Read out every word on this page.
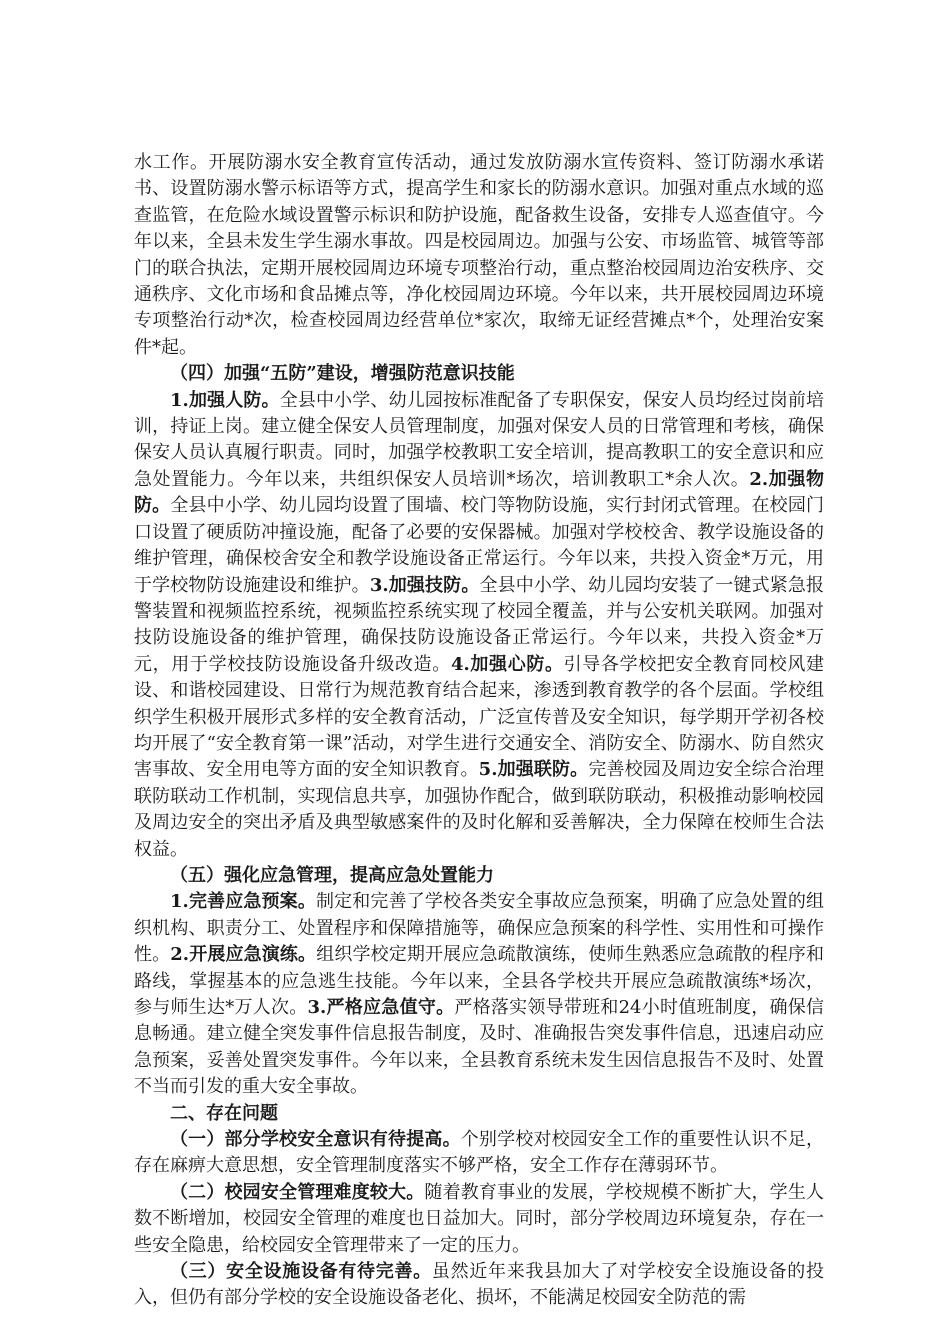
水工作。开展防溺水安全教育宣传活动，通过发放防溺水宣传资料、签订防溺水承诺书、设置防溺水警示标语等方式，提高学生和家长的防溺水意识。加强对重点水域的巡查监管，在危险水域设置警示标识和防护设施，配备救生设备，安排专人巡查值守。今年以来，全县未发生学生溺水事故。四是校园周边。加强与公安、市场监管、城管等部门的联合执法，定期开展校园周边环境专项整治行动，重点整治校园周边治安秩序、交通秩序、文化市场和食品摊点等，净化校园周边环境。今年以来，共开展校园周边环境专项整治行动*次，检查校园周边经营单位*家次，取缔无证经营摊点*个，处理治安案件*起。

（四）加强“五防”建设，增强防范意识技能

1.加强人防。全县中小学、幼儿园按标准配备了专职保安，保安人员均经过岗前培训，持证上岗。建立健全保安人员管理制度，加强对保安人员的日常管理和考核，确保保安人员认真履行职责。同时，加强学校教职工安全培训，提高教职工的安全意识和应急处置能力。今年以来，共组织保安人员培训*场次，培训教职工*余人次。2.加强物防。全县中小学、幼儿园均设置了围墙、校门等物防设施，实行封闭式管理。在校园门口设置了硬质防冲撞设施，配备了必要的安保器械。加强对学校校舍、教学设施设备的维护管理，确保校舍安全和教学设施设备正常运行。今年以来，共投入资金*万元，用于学校物防设施建设和维护。3.加强技防。全县中小学、幼儿园均安装了一键式紧急报警装置和视频监控系统，视频监控系统实现了校园全覆盖，并与公安机关联网。加强对技防设施设备的维护管理，确保技防设施设备正常运行。今年以来，共投入资金*万元，用于学校技防设施设备升级改造。4.加强心防。引导各学校把安全教育同校风建设、和谐校园建设、日常行为规范教育结合起来，渗透到教育教学的各个层面。学校组织学生积极开展形式多样的安全教育活动，广泛宣传普及安全知识，每学期开学初各校均开展了“安全教育第一课”活动，对学生进行交通安全、消防安全、防溺水、防自然灾害事故、安全用电等方面的安全知识教育。5.加强联防。完善校园及周边安全综合治理联防联动工作机制，实现信息共享，加强协作配合，做到联防联动，积极推动影响校园及周边安全的突出矛盾及典型敏感案件的及时化解和妥善解决，全力保障在校师生合法权益。

（五）强化应急管理，提高应急处置能力

1.完善应急预案。制定和完善了学校各类安全事故应急预案，明确了应急处置的组织机构、职责分工、处置程序和保障措施等，确保应急预案的科学性、实用性和可操作性。2.开展应急演练。组织学校定期开展应急疏散演练，使师生熟悉应急疏散的程序和路线，掌握基本的应急逃生技能。今年以来，全县各学校共开展应急疏散演练*场次，参与师生达*万人次。3.严格应急值守。严格落实领导带班和24小时值班制度，确保信息畅通。建立健全突发事件信息报告制度，及时、准确报告突发事件信息，迅速启动应急预案，妥善处置突发事件。今年以来，全县教育系统未发生因信息报告不及时、处置不当而引发的重大安全事故。

二、存在问题

（一）部分学校安全意识有待提高。个别学校对校园安全工作的重要性认识不足，存在麻痹大意思想，安全管理制度落实不够严格，安全工作存在薄弱环节。

（二）校园安全管理难度较大。随着教育事业的发展，学校规模不断扩大，学生人数不断增加，校园安全管理的难度也日益加大。同时，部分学校周边环境复杂，存在一些安全隐患，给校园安全管理带来了一定的压力。

（三）安全设施设备有待完善。虽然近年来我县加大了对学校安全设施设备的投入，但仍有部分学校的安全设施设备老化、损坏，不能满足校园安全防范的需
